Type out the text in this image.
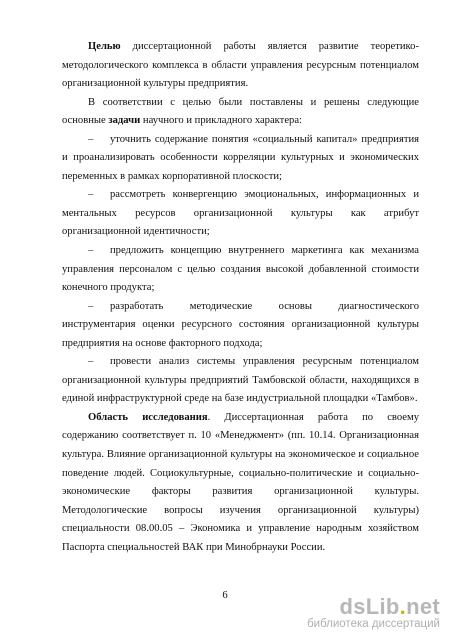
Целью диссертационной работы является развитие теоретико-методологического комплекса в области управления ресурсным потенциалом организационной культуры предприятия.

В соответствии с целью были поставлены и решены следующие основные задачи научного и прикладного характера:

– уточнить содержание понятия «социальный капитал» предприятия и проанализировать особенности корреляции культурных и экономических переменных в рамках корпоративной плоскости;

– рассмотреть конвергенцию эмоциональных, информационных и ментальных ресурсов организационной культуры как атрибут организационной идентичности;

– предложить концепцию внутреннего маркетинга как механизма управления персоналом с целью создания высокой добавленной стоимости конечного продукта;

– разработать методические основы диагностического инструментария оценки ресурсного состояния организационной культуры предприятия на основе факторного подхода;

– провести анализ системы управления ресурсным потенциалом организационной культуры предприятий Тамбовской области, находящихся в единой инфраструктурной среде на базе индустриальной площадки «Тамбов».

Область исследования. Диссертационная работа по своему содержанию соответствует п. 10 «Менеджмент» (пп. 10.14. Организационная культура. Влияние организационной культуры на экономическое и социальное поведение людей. Социокультурные, социально-политические и социально-экономические факторы развития организационной культуры. Методологические вопросы изучения организационной культуры) специальности 08.00.05 – Экономика и управление народным хозяйством Паспорта специальностей ВАК при Минобрнауки России.

6	dsLib.net
библиотека диссертаций
